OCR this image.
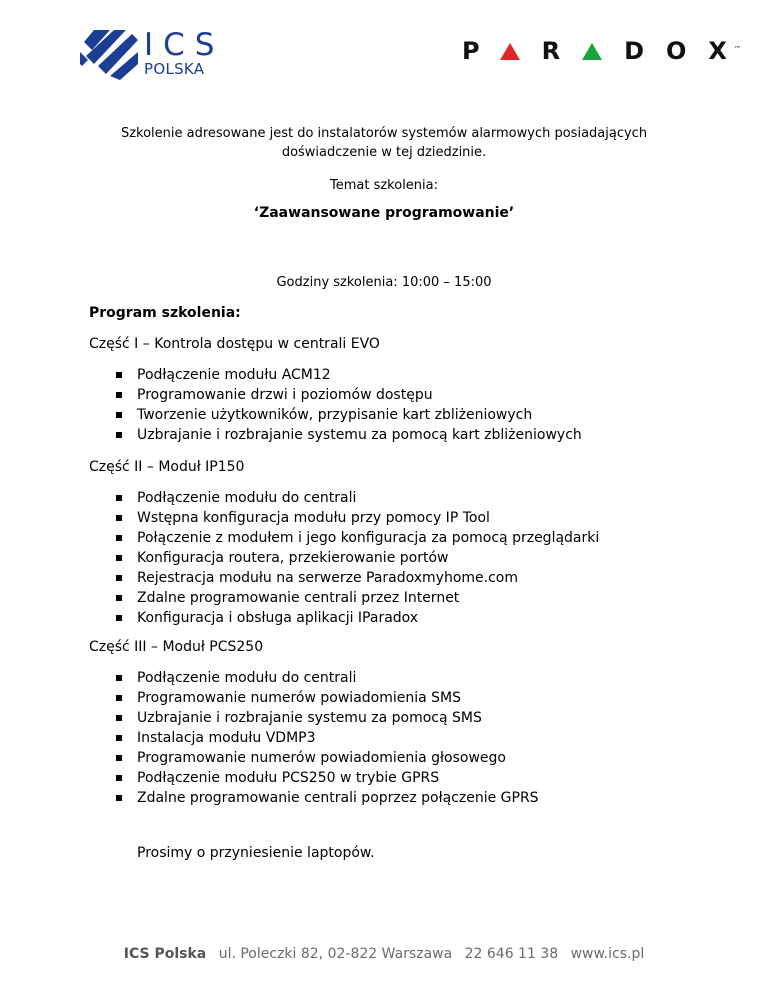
ICS
POLSKA
P	R	D O X ™
Szkolenie adresowane jest do instalatorów systemów alarmowych posiadających
doświadczenie w tej dziedzinie.
Temat szkolenia:
‘Zaawansowane programowanie’
Godziny szkolenia: 10:00 – 15:00
Program szkolenia:
Część I – Kontrola dostępu w centrali EVO
Podłączenie modułu ACM12
Programowanie drzwi i poziomów dostępu
Tworzenie użytkowników, przypisanie kart zbliżeniowych
Uzbrajanie i rozbrajanie systemu za pomocą kart zbliżeniowych
Część II – Moduł IP150
Podłączenie modułu do centrali
Wstępna konfiguracja modułu przy pomocy IP Tool
Połączenie z modułem i jego konfiguracja za pomocą przeglądarki
Konfiguracja routera, przekierowanie portów
Rejestracja modułu na serwerze Paradoxmyhome.com
Zdalne programowanie centrali przez Internet
Konfiguracja i obsługa aplikacji IParadox
Część III – Moduł PCS250
Podłączenie modułu do centrali
Programowanie numerów powiadomienia SMS
Uzbrajanie i rozbrajanie systemu za pomocą SMS
Instalacja modułu VDMP3
Programowanie numerów powiadomienia głosowego
Podłączenie modułu PCS250 w trybie GPRS
Zdalne programowanie centrali poprzez połączenie GPRS
Prosimy o przyniesienie laptopów.
ICS Polska ul. Poleczki 82, 02-822 Warszawa 22 646 11 38 www.ics.pl
